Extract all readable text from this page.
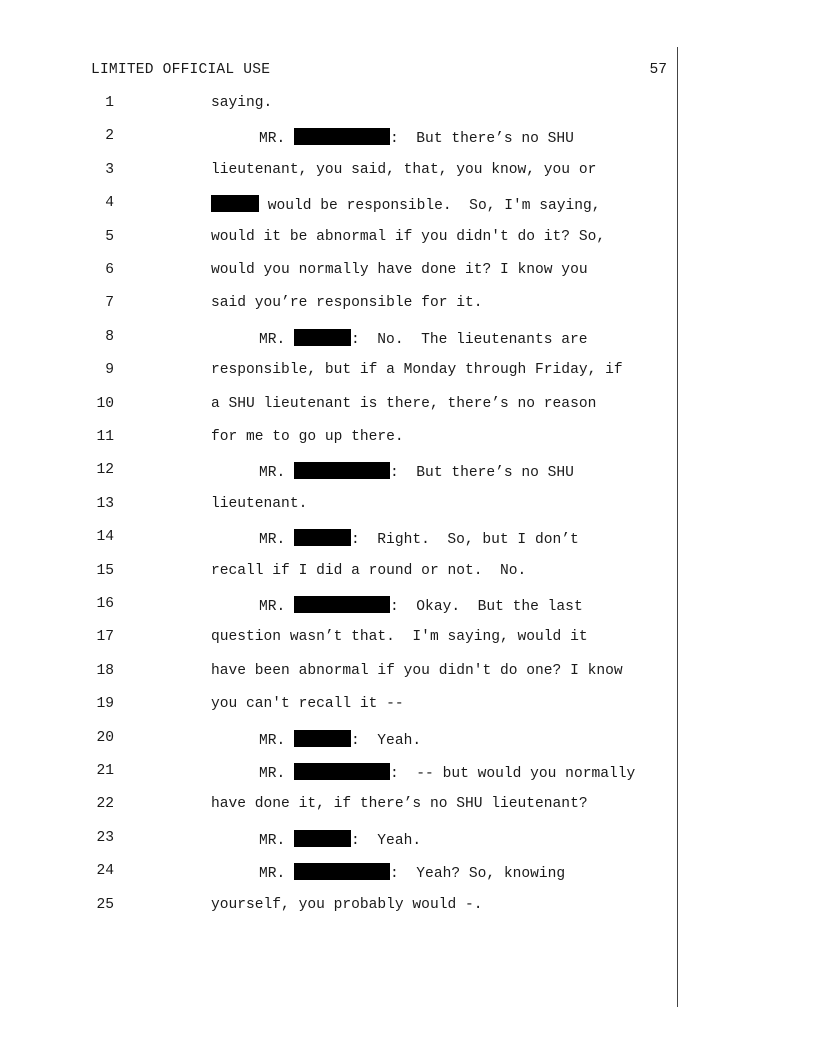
LIMITED OFFICIAL USE	57
1	saying.
2	MR.	:  But there’s no SHU
3	lieutenant, you said, that, you know, you or
4	would be responsible.  So, I'm saying,
5	would it be abnormal if you didn't do it? So,
6	would you normally have done it? I know you
7	said you’re responsible for it.
8	MR.	:  No.  The lieutenants are
9	responsible, but if a Monday through Friday, if
10	a SHU lieutenant is there, there’s no reason
11	for me to go up there.
12	MR.	:  But there’s no SHU
13	lieutenant.
14	MR.	:  Right.  So, but I don’t
15	recall if I did a round or not.  No.
16	MR.	:  Okay.  But the last
17	question wasn’t that.  I'm saying, would it
18	have been abnormal if you didn't do one? I know
19	you can't recall it --
20	MR.	:  Yeah.
21	MR.	:  -- but would you normally
22	have done it, if there’s no SHU lieutenant?
23	MR.	:  Yeah.
24	MR.	:  Yeah? So, knowing
25	yourself, you probably would -.
